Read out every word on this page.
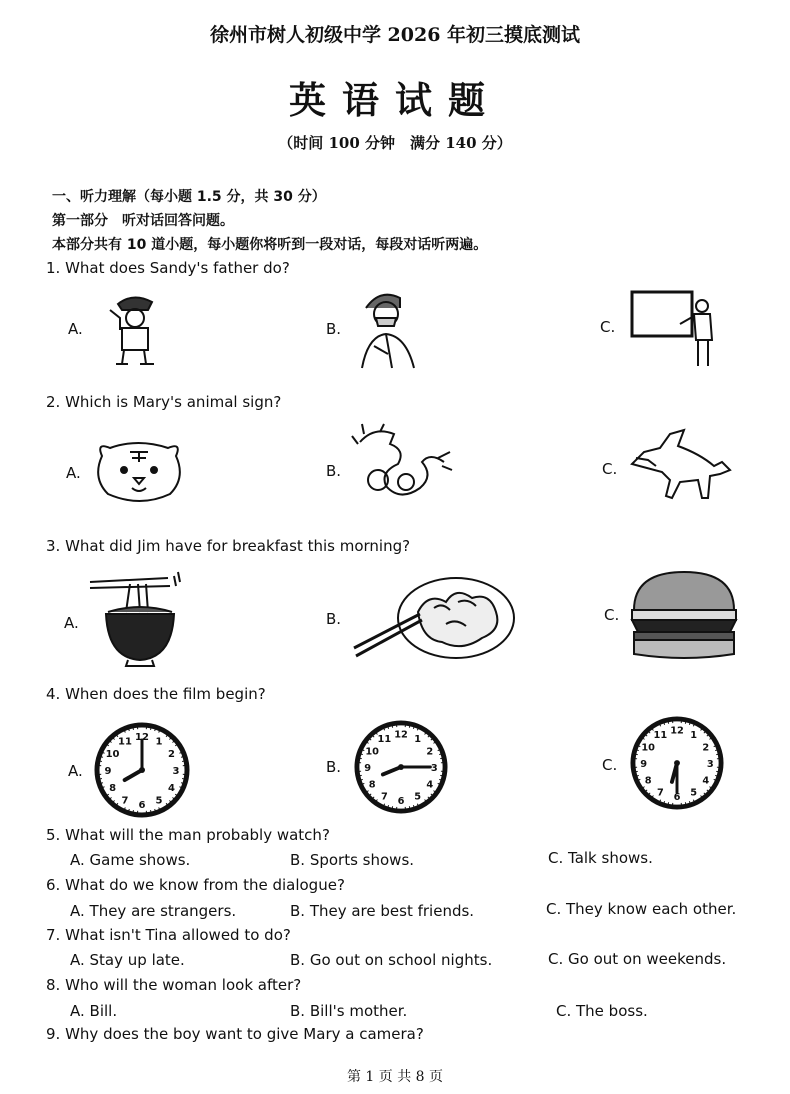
徐州市树人初级中学 2026 年初三摸底测试
英语试题
（时间 100 分钟　满分 140 分）
一、听力理解（每小题 1.5 分，共 30 分）
第一部分　听对话回答问题。
本部分共有 10 道小题，每小题你将听到一段对话，每段对话听两遍。
1. What does Sandy's father do?
A.	B.	C.
2. Which is Mary's animal sign?
A.	B.	C.
3. What did Jim have for breakfast this morning?
A.	B.	C.
4. When does the film begin?
A.
1
2
3
4
5
6
7
8
9
10
11 12
B.
1
2
3
4
5
6
7
8
9
10
11 12
C.
1
2
3
4
5
6
7
8
9
10
11 12
5. What will the man probably watch?
A. Game shows.	B. Sports shows.	C. Talk shows.
6. What do we know from the dialogue?
A. They are strangers.	B. They are best friends.	C. They know each other.
7. What isn't Tina allowed to do?
A. Stay up late.	B. Go out on school nights.	C. Go out on weekends.
8. Who will the woman look after?
A. Bill.	B. Bill's mother.	C. The boss.
9. Why does the boy want to give Mary a camera?
第 1 页 共 8 页
